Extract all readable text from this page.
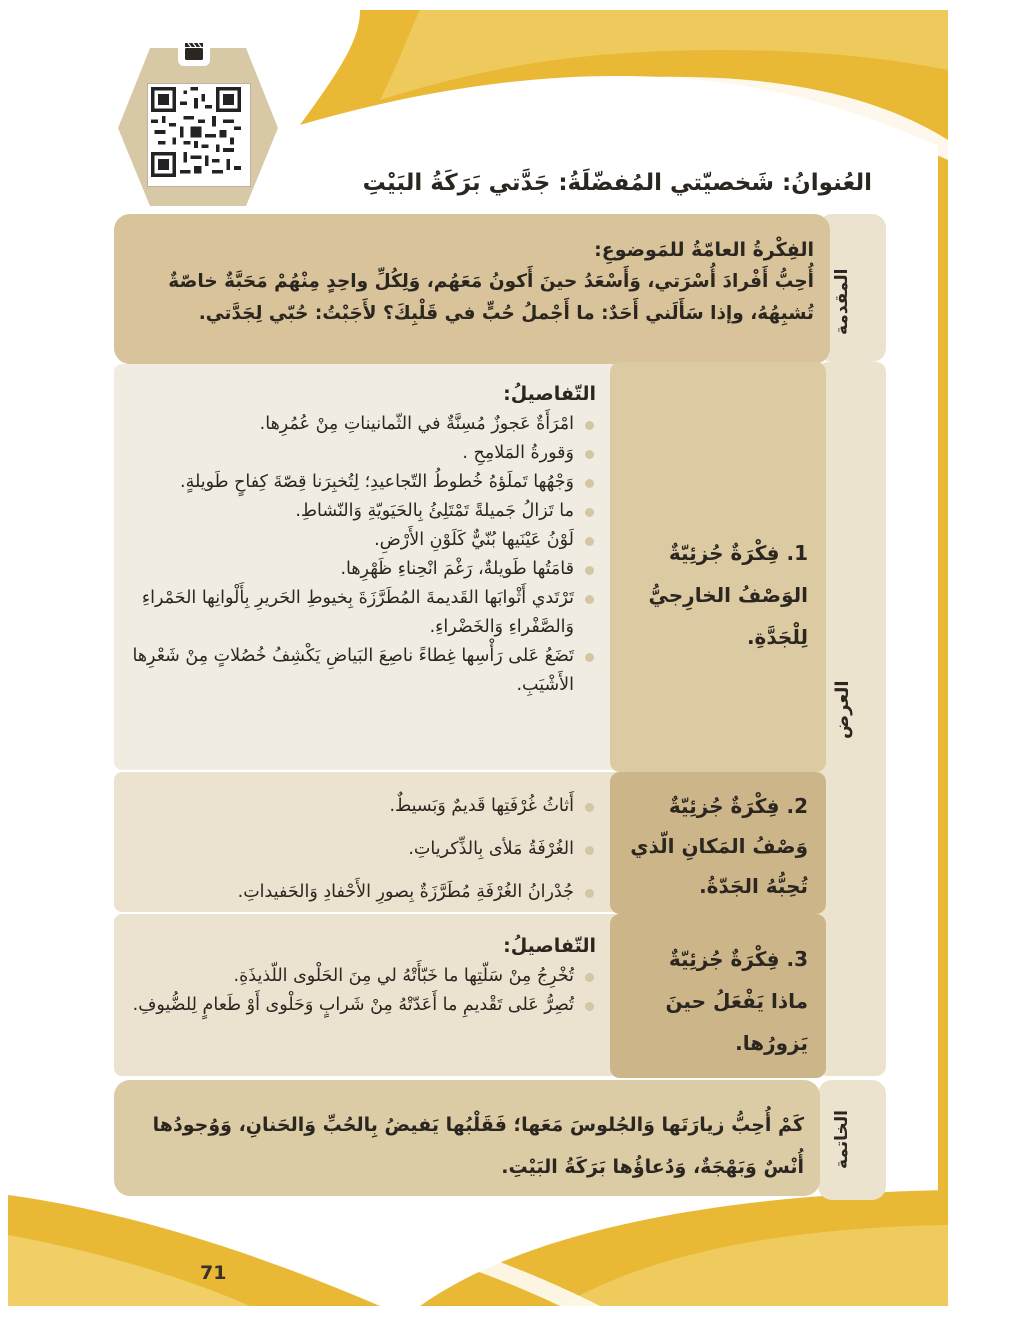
العُنوانُ: شَخصيّتي المُفضّلَةُ: جَدَّتي بَرَكَةُ البَيْتِ
المقدمة
العرض
الخاتمة
الفِكْرةُ العامّةُ للمَوضوعِ:
أُحِبُّ أَفْرادَ أُسْرَتي، وَأَسْعَدُ حينَ أَكونُ مَعَهُم، وَلِكُلِّ واحِدٍ مِنْهُمْ مَحَبَّةٌ خاصّةٌ تُشبِهُهُ، وإذا سَأَلَني أَحَدٌ: ما أَجْملُ حُبٍّ في قَلْبِكَ؟ لأَجَبْتُ: حُبّي لِجَدَّتي.
1. فِكْرَةٌ جُزئِيّةٌ
الوَصْفُ الخارِجيُّ
لِلْجَدَّةِ.
التّفاصيلُ:
امْرَأَةٌ عَجوزٌ مُسِنَّةٌ في الثّمانيناتِ مِنْ عُمُرِها.
وَقورةُ المَلامِحِ .
وَجْهُها تَملَؤهُ خُطوطُ التّجاعيدِ؛ لِتُخبِرَنا قِصّةَ كِفاحٍ طَويلةٍ.
ما تَزالُ جَميلةً تَمْتَلِئُ بِالحَيَويّةِ وَالنّشاطِ.
لَوْنُ عَيْنَيها بُنّيٌّ كَلَوْنِ الأَرْضِ.
قامَتُها طَويلةٌ، رَغْمَ انْحِناءِ ظَهْرِها.
تَرْتَدي أَثْوابَها القَديمةَ المُطَرَّزَةَ بِخيوطِ الحَريرِ بِأَلْوانِها الحَمْراءِ وَالصَّفْراءِ وَالخَضْراءِ.
تَضَعُ عَلى رَأْسِها غِطاءً ناصِعَ البَياضِ يَكْشِفُ خُصُلاتٍ مِنْ شَعْرِها الأَشْيَبِ.
2. فِكْرَةٌ جُزئِيّةٌ
وَصْفُ المَكانِ الّذي
تُحِبُّهُ الجَدّةُ.
أَثاثُ غُرْفَتِها قَديمٌ وَبَسيطٌ.
الغُرْفَةُ مَلأى بِالذِّكرياتِ.
جُدْرانُ الغُرْفَةِ مُطَرَّزَةٌ بِصورِ الأَحْفادِ وَالحَفيداتِ.
3. فِكْرَةٌ جُزئِيّةٌ
ماذا يَفْعَلُ حينَ
يَزورُها.
التّفاصيلُ:
تُخْرِجُ مِنْ سَلّتِها ما خَبّأَتْهُ لي مِنَ الحَلْوى اللّذيذَةِ.
تُصِرُّ عَلى تَقْديمِ ما أَعَدّتْهُ مِنْ شَرابٍ وَحَلْوى أَوْ طَعامٍ لِلضُّيوفِ.
كَمْ أُحِبُّ زيارَتَها وَالجُلوسَ مَعَها؛ فَقَلْبُها يَفيضُ بِالحُبِّ وَالحَنانِ، وَوُجودُها أُنْسٌ وَبَهْجَةٌ، وَدُعاؤُها بَرَكَةُ البَيْتِ.
71
